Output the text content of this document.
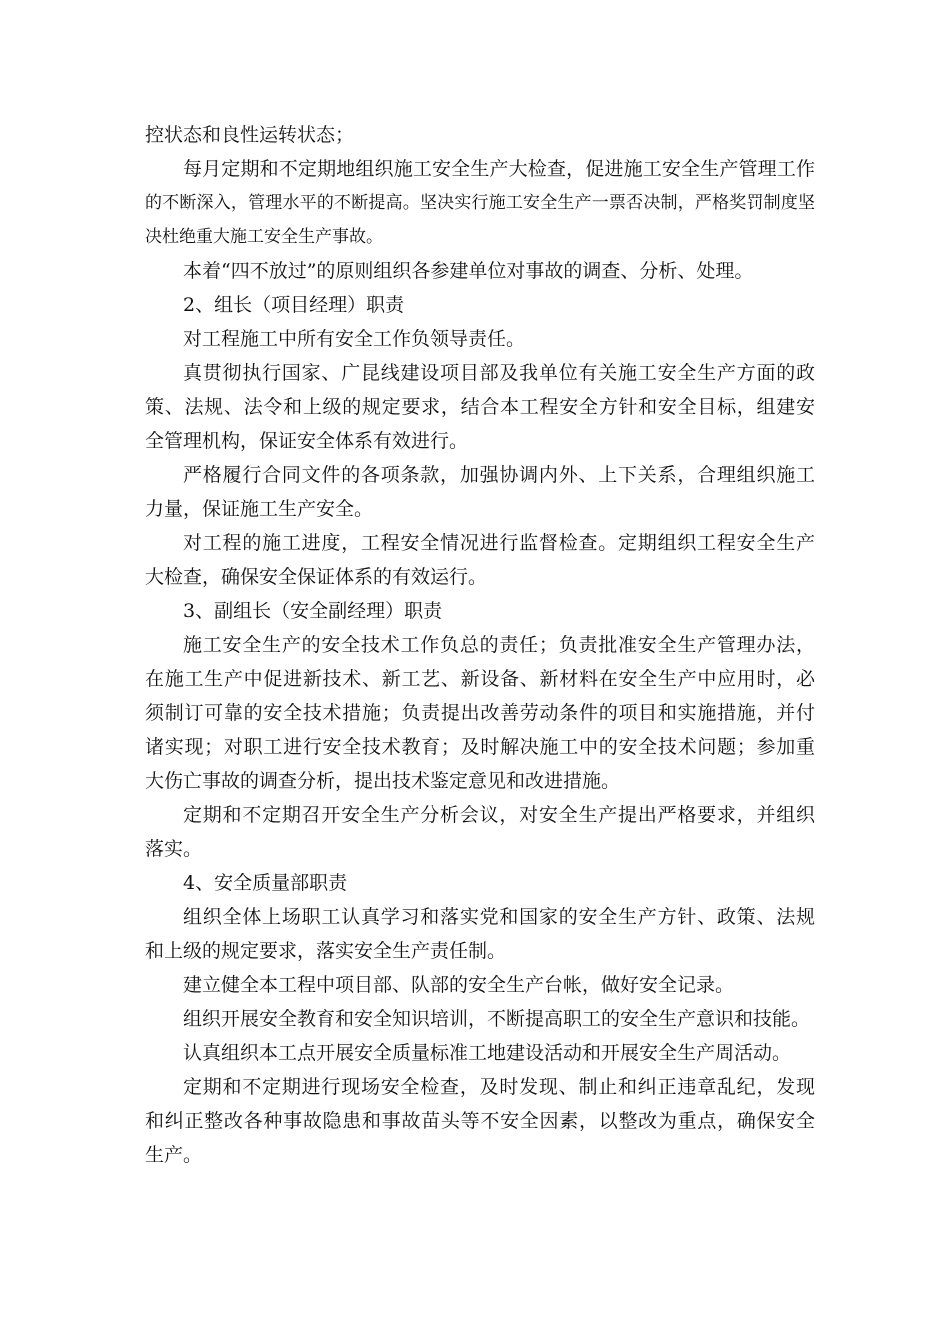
控状态和良性运转状态；
每月定期和不定期地组织施工安全生产大检查，促进施工安全生产管理工作
的不断深入，管理水平的不断提高。坚决实行施工安全生产一票否决制，严格奖罚制度坚
决杜绝重大施工安全生产事故。
本着“四不放过”的原则组织各参建单位对事故的调查、分析、处理。
2、组长（项目经理）职责
对工程施工中所有安全工作负领导责任。
真贯彻执行国家、广昆线建设项目部及我单位有关施工安全生产方面的政
策、法规、法令和上级的规定要求，结合本工程安全方针和安全目标，组建安
全管理机构，保证安全体系有效进行。
严格履行合同文件的各项条款，加强协调内外、上下关系，合理组织施工
力量，保证施工生产安全。
对工程的施工进度，工程安全情况进行监督检查。定期组织工程安全生产
大检查，确保安全保证体系的有效运行。
3、副组长（安全副经理）职责
施工安全生产的安全技术工作负总的责任；负责批准安全生产管理办法，
在施工生产中促进新技术、新工艺、新设备、新材料在安全生产中应用时，必
须制订可靠的安全技术措施；负责提出改善劳动条件的项目和实施措施，并付
诸实现；对职工进行安全技术教育；及时解决施工中的安全技术问题；参加重
大伤亡事故的调查分析，提出技术鉴定意见和改进措施。
定期和不定期召开安全生产分析会议，对安全生产提出严格要求，并组织
落实。
4、安全质量部职责
组织全体上场职工认真学习和落实党和国家的安全生产方针、政策、法规
和上级的规定要求，落实安全生产责任制。
建立健全本工程中项目部、队部的安全生产台帐，做好安全记录。
组织开展安全教育和安全知识培训，不断提高职工的安全生产意识和技能。
认真组织本工点开展安全质量标准工地建设活动和开展安全生产周活动。
定期和不定期进行现场安全检查，及时发现、制止和纠正违章乱纪，发现
和纠正整改各种事故隐患和事故苗头等不安全因素，以整改为重点，确保安全
生产。
